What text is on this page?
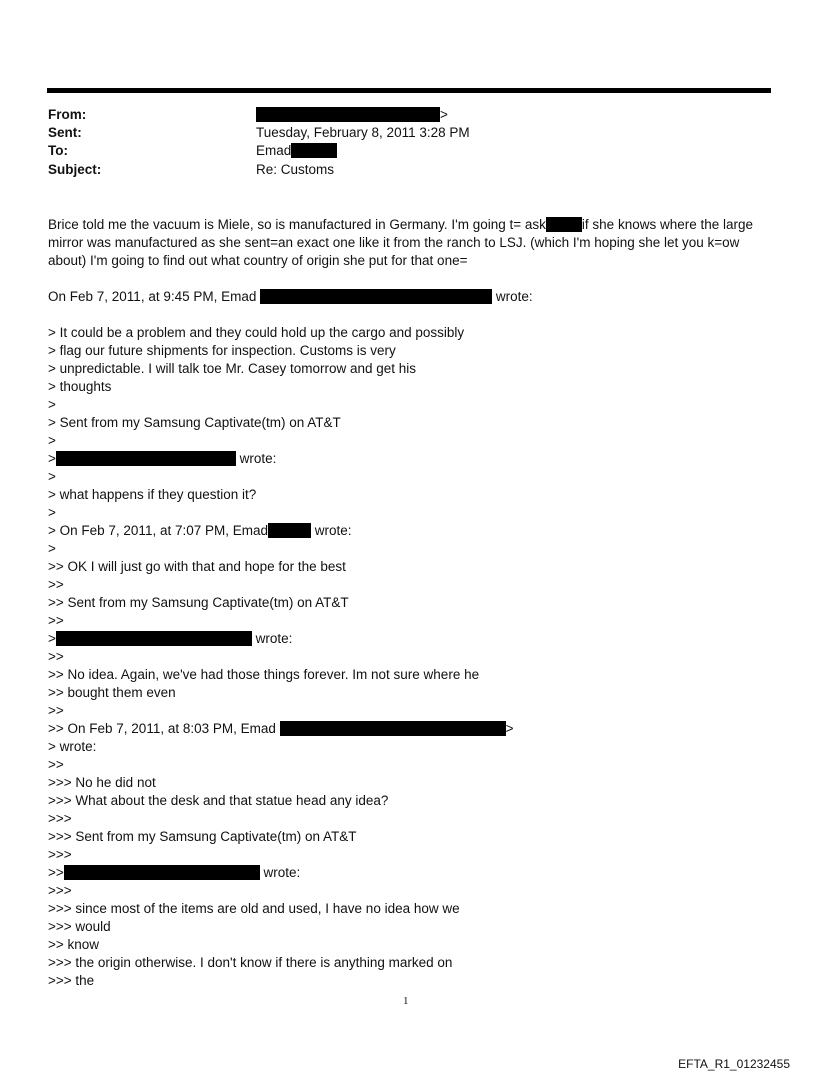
From:	>
Sent:	Tuesday, February 8, 2011 3:28 PM
To:	Emad
Subject:	Re: Customs
Brice told me the vacuum is Miele, so is manufactured in Germany. I'm going t= ask	if she knows where the large
mirror was manufactured as she sent=an exact one like it from the ranch to LSJ. (which I'm hoping she let you k=ow
about) I'm going to find out what country of origin she put for that one=
On Feb 7, 2011, at 9:45 PM, Emad	wrote:
> It could be a problem and they could hold up the cargo and possibly
> flag our future shipments for inspection. Customs is very
> unpredictable. I will talk toe Mr. Casey tomorrow and get his
> thoughts
>
> Sent from my Samsung Captivate(tm) on AT&T
>
>	wrote:
>
> what happens if they question it?
>
> On Feb 7, 2011, at 7:07 PM, Emad	wrote:
>
>> OK I will just go with that and hope for the best
>>
>> Sent from my Samsung Captivate(tm) on AT&T
>>
>	wrote:
>>
>> No idea. Again, we've had those things forever. Im not sure where he
>> bought them even
>>
>> On Feb 7, 2011, at 8:03 PM, Emad	>
> wrote:
>>
>>> No he did not
>>> What about the desk and that statue head any idea?
>>>
>>> Sent from my Samsung Captivate(tm) on AT&T
>>>
>>	wrote:
>>>
>>> since most of the items are old and used, I have no idea how we
>>> would
>> know
>>> the origin otherwise. I don't know if there is anything marked on
>>> the
1
EFTA_R1_01232455
